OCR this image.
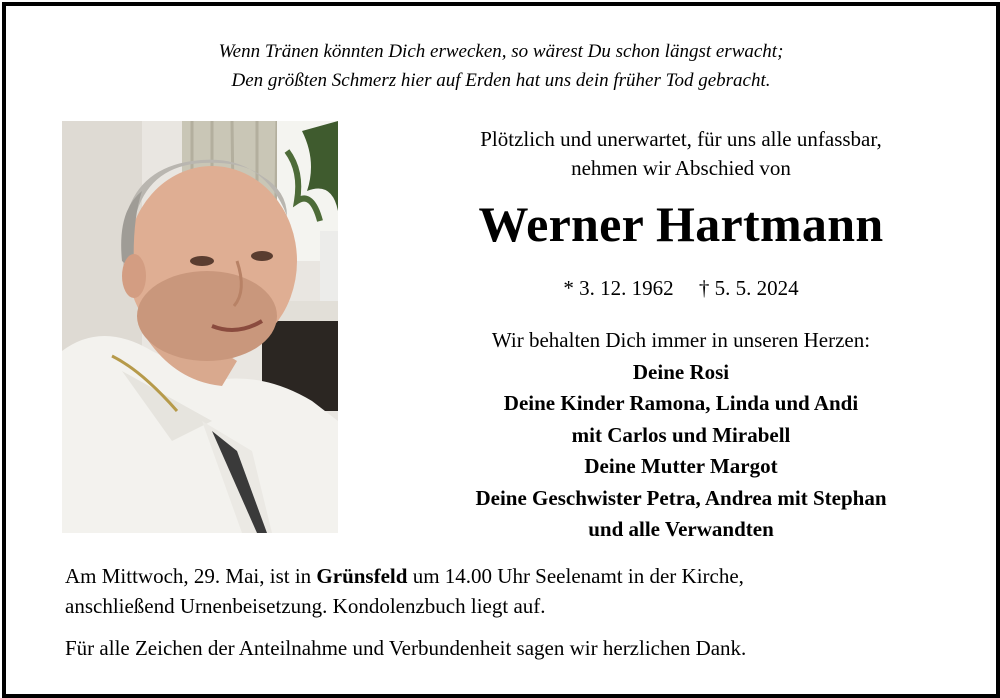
Wenn Tränen könnten Dich erwecken, so wärest Du schon längst erwacht;
Den größten Schmerz hier auf Erden hat uns dein früher Tod gebracht.
Plötzlich und unerwartet, für uns alle unfassbar,
nehmen wir Abschied von
Werner Hartmann
* 3. 12. 1962 † 5. 5. 2024
Wir behalten Dich immer in unseren Herzen:
Deine Rosi
Deine Kinder Ramona, Linda und Andi
mit Carlos und Mirabell
Deine Mutter Margot
Deine Geschwister Petra, Andrea mit Stephan
und alle Verwandten
Am Mittwoch, 29. Mai, ist in Grünsfeld um 14.00 Uhr Seelenamt in der Kirche,
anschließend Urnenbeisetzung. Kondolenzbuch liegt auf.
Für alle Zeichen der Anteilnahme und Verbundenheit sagen wir herzlichen Dank.
